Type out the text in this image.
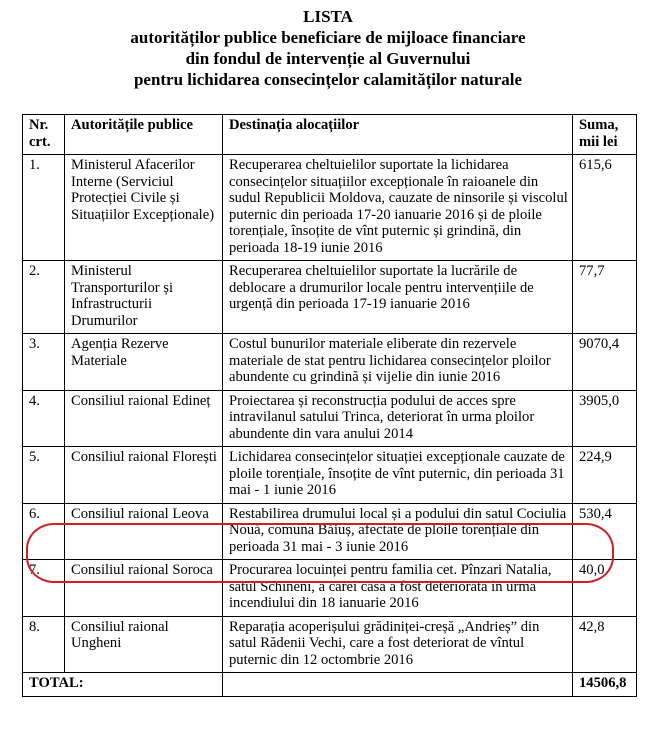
LISTA
autorităților publice beneficiare de mijloace financiare
din fondul de intervenție al Guvernului
pentru lichidarea consecințelor calamităților naturale
Nr. crt.	Autoritățile publice	Destinația alocațiilor	Suma, mii lei
1.	Ministerul Afacerilor Interne (Serviciul Protecției Civile și Situațiilor Excepționale)	Recuperarea cheltuielilor suportate la lichidarea consecințelor situațiilor excepționale în raioanele din sudul Republicii Moldova, cauzate de ninsorile și viscolul puternic din perioada 17-20 ianuarie 2016 și de ploile torențiale, însoțite de vînt puternic și grindină, din perioada 18-19 iunie 2016	615,6
2.	Ministerul Transporturilor și Infrastructurii Drumurilor	Recuperarea cheltuielilor suportate la lucrările de deblocare a drumurilor locale pentru intervențiile de urgență din perioada 17-19 ianuarie 2016	77,7
3.	Agenția Rezerve Materiale	Costul bunurilor materiale eliberate din rezervele materiale de stat pentru lichidarea consecințelor ploilor abundente cu grindină și vijelie din iunie 2016	9070,4
4.	Consiliul raional Edineț	Proiectarea și reconstrucția podului de acces spre intravilanul satului Trinca, deteriorat în urma ploilor abundente din vara anului 2014	3905,0
5.	Consiliul raional Florești	Lichidarea consecințelor situației excepționale cauzate de ploile torențiale, însoțite de vînt puternic, din perioada 31 mai - 1 iunie 2016	224,9
6.	Consiliul raional Leova	Restabilirea drumului local și a podului din satul Cociulia Nouă, comuna Băiuș, afectate de ploile torențiale din perioada 31 mai - 3 iunie 2016	530,4
7.	Consiliul raional Soroca	Procurarea locuinței pentru familia cet. Pînzari Natalia, satul Schineni, a cărei casă a fost deteriorată în urma incendiului din 18 ianuarie 2016	40,0
8.	Consiliul raional Ungheni	Reparația acoperișului grădiniței-creșă „Andrieș” din satul Rădenii Vechi, care a fost deteriorat de vîntul puternic din 12 octombrie 2016	42,8
TOTAL:			14506,8
